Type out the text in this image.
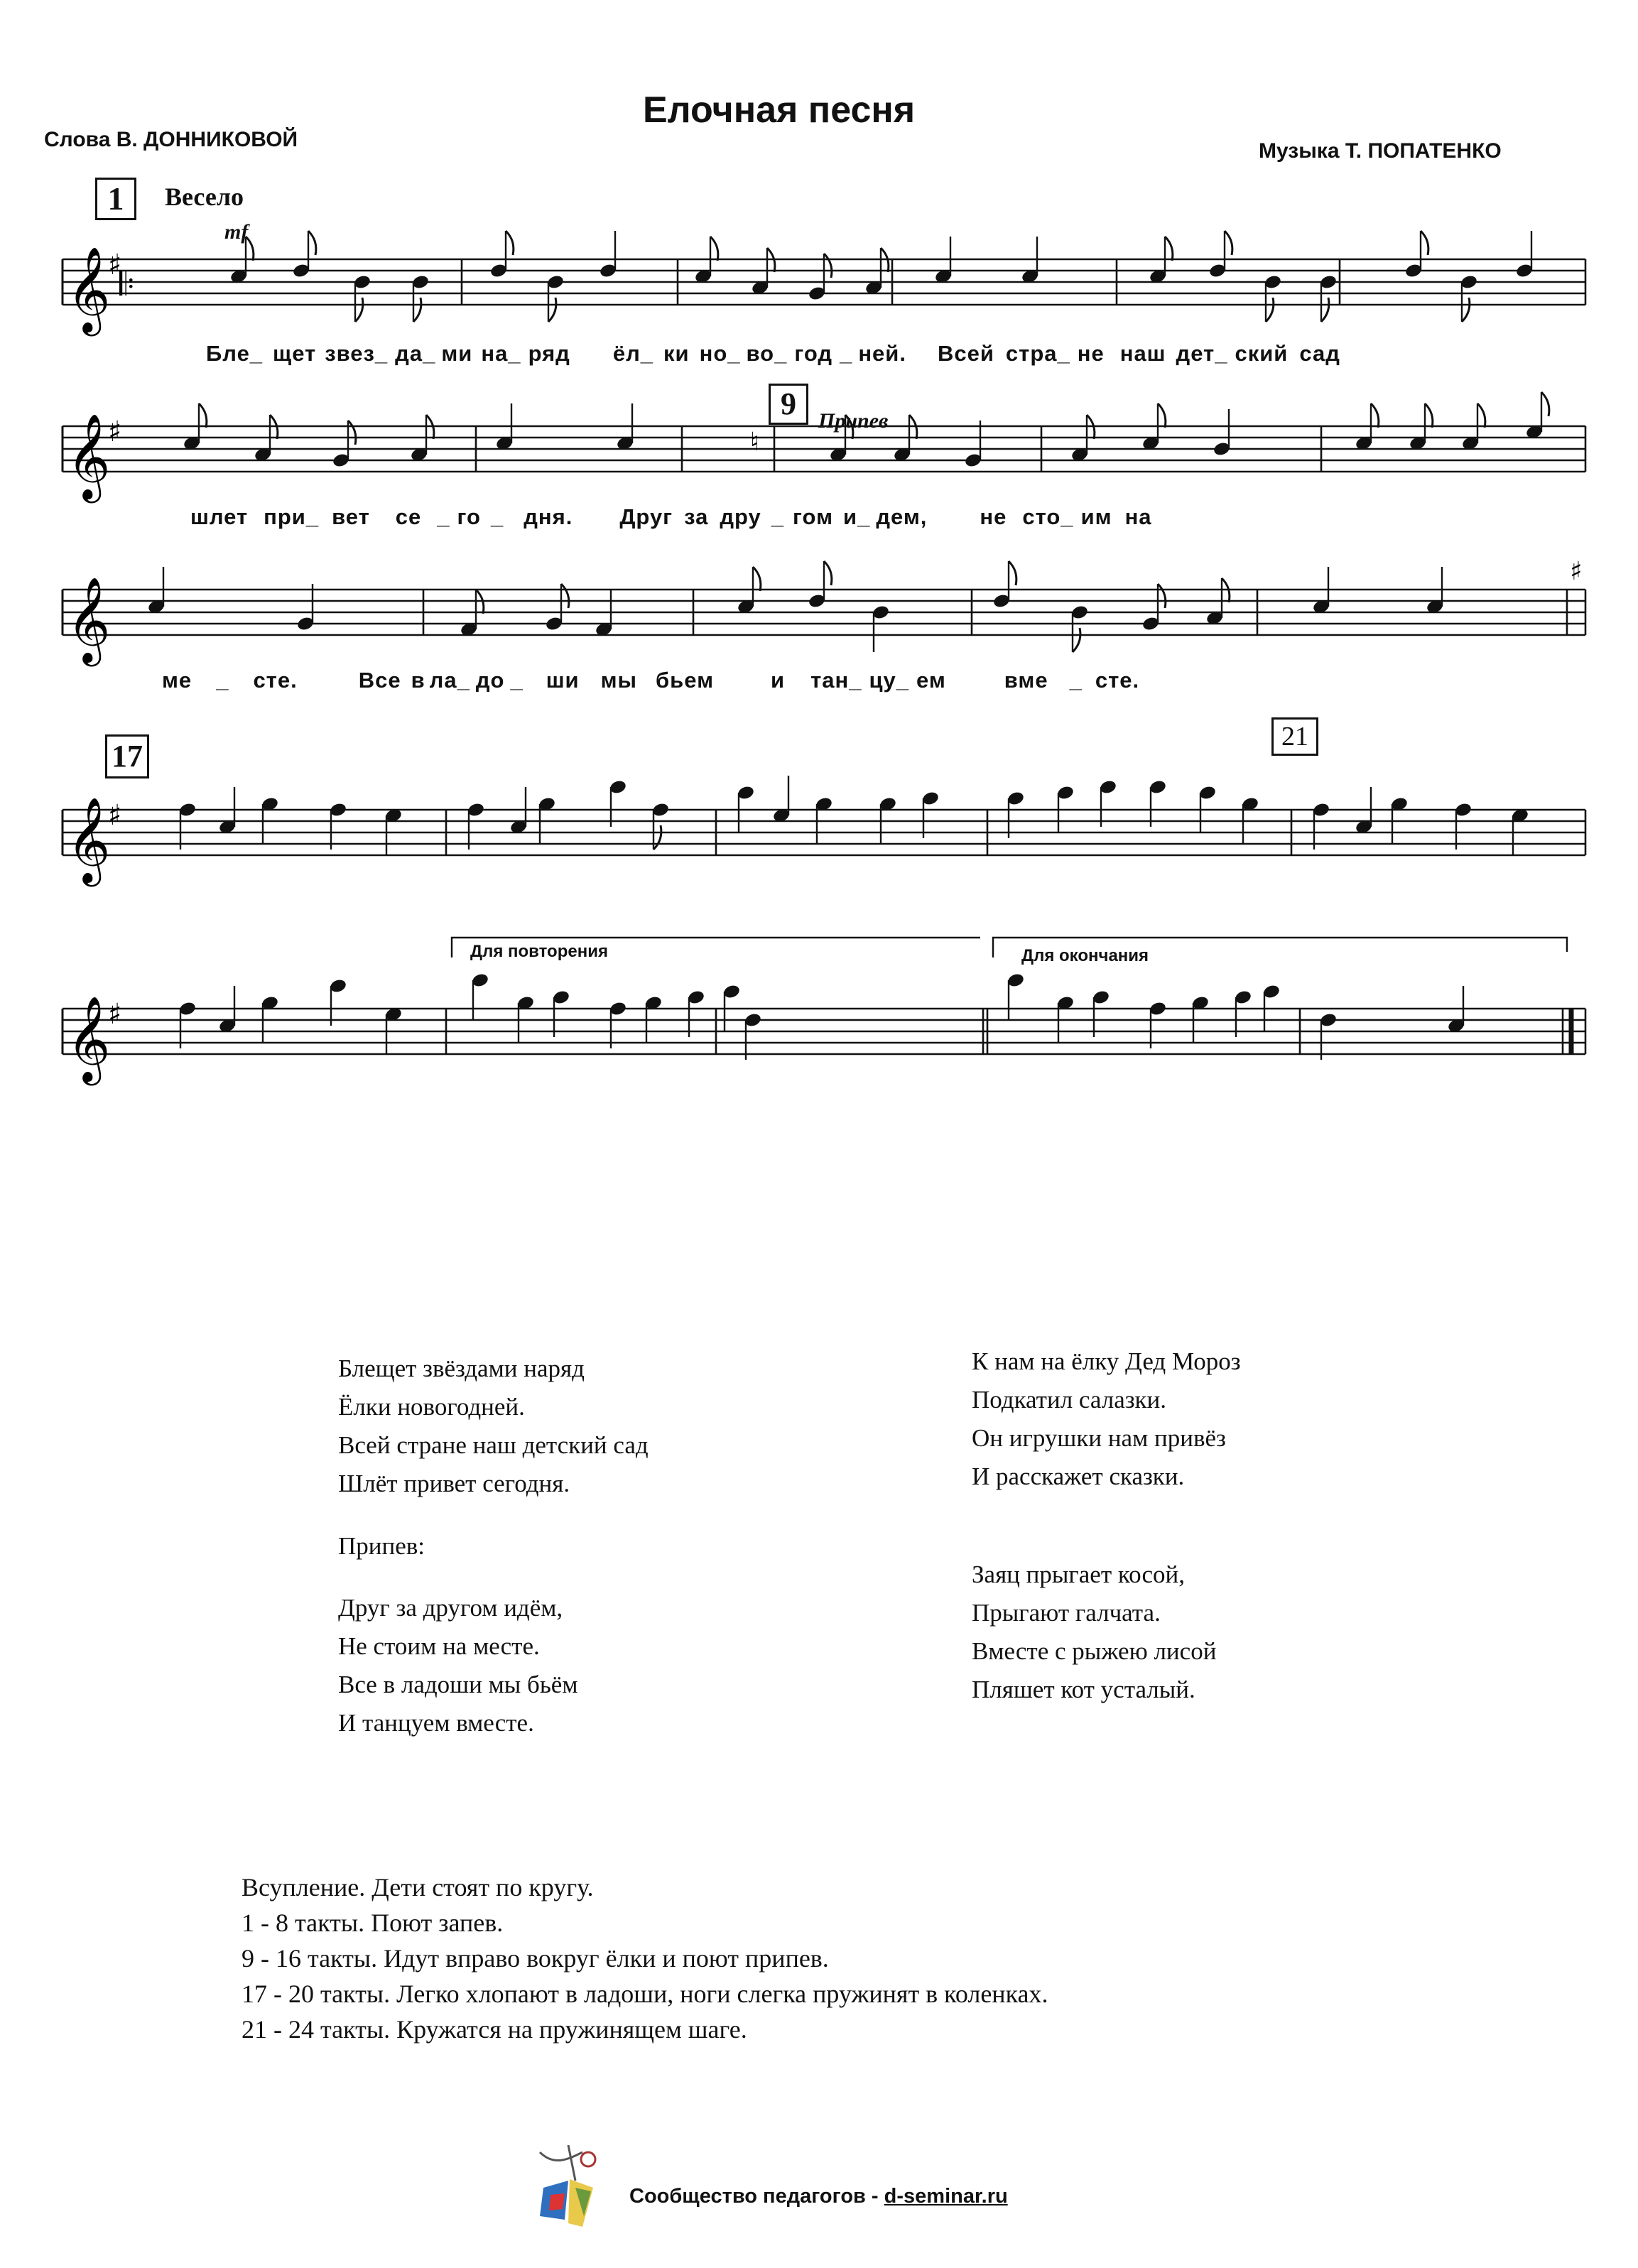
Елочная песня
Слова В. ДОННИКОВОЙ	Музыка Т. ПОПАТЕНКО
1	Весело
mf
9	Припев
17
21
𝄞
♯
𝄆
𝄞
♯	♮
𝄞
♯
𝄞
♯
𝄞
♯
Бле_ щет звез_ да_ ми на_ ряд ёл_ ки но_ во_ год _ ней. Всей стра_ не наш дет_ ский сад
шлет при_ вет се _ го _ дня. Друг за дру _ гом и_ дем, не сто_ им на
ме _ сте.	Все в ла_ до _ ши мы бьем	и тан_ цу_ ем	вме _ сте.
Для повторения	Для окончания
Блещет звёздами наряд
Ёлки новогодней.
Всей стране наш детский сад
Шлёт привет сегодня.
Припев:
Друг за другом идём,
Не стоим на месте.
Все в ладоши мы бьём
И танцуем вместе.
К нам на ёлку Дед Мороз
Подкатил салазки.
Он игрушки нам привёз
И расскажет сказки.
Заяц прыгает косой,
Прыгают галчата.
Вместе с рыжею лисой
Пляшет кот усталый.
Всупление. Дети стоят по кругу.
1 - 8 такты. Поют запев.
9 - 16 такты. Идут вправо вокруг ёлки и поют припев.
17 - 20 такты. Легко хлопают в ладоши, ноги слегка пружинят в коленках.
21 - 24 такты. Кружатся на пружинящем шаге.
Сообщество педагогов - d-seminar.ru
